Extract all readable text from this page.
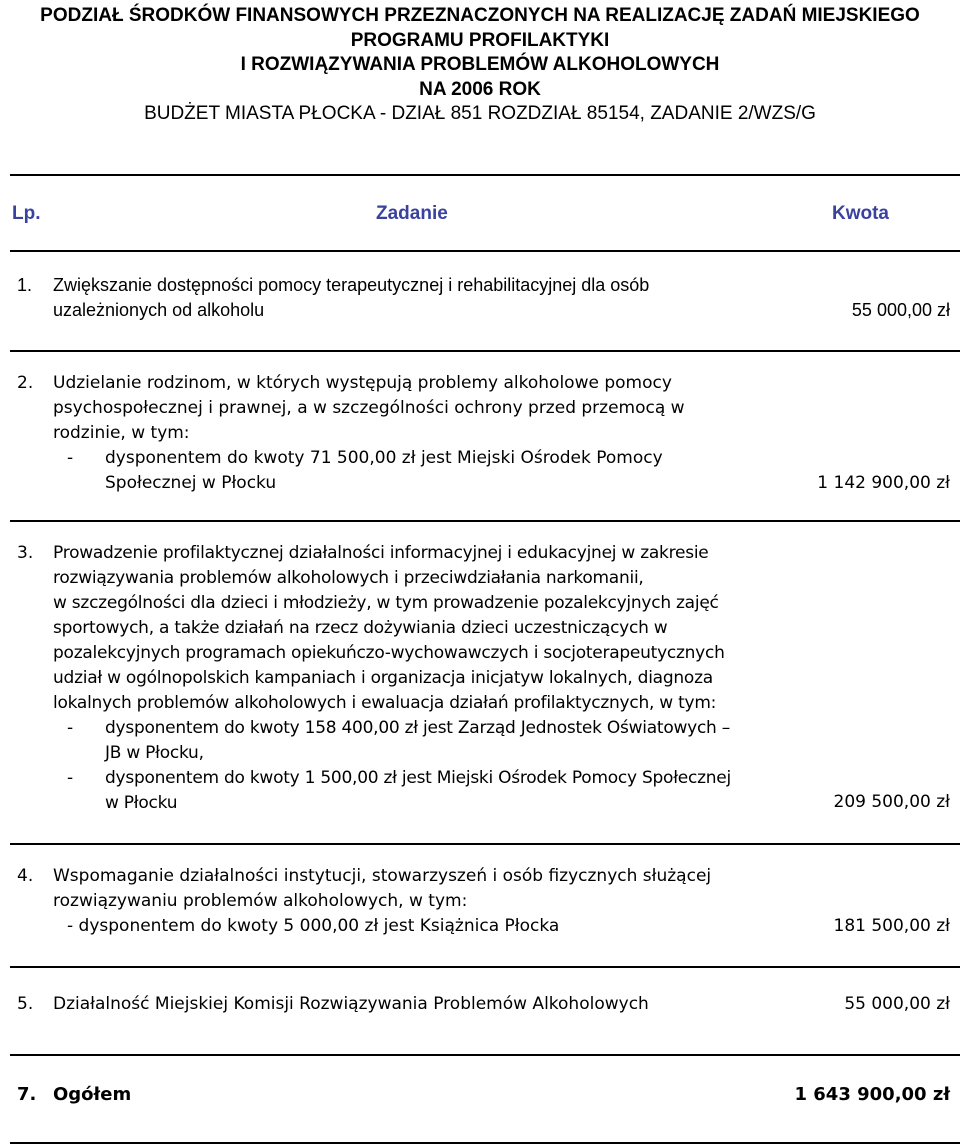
PODZIAŁ ŚRODKÓW FINANSOWYCH PRZEZNACZONYCH NA REALIZACJĘ ZADAŃ MIEJSKIEGO
PROGRAMU PROFILAKTYKI
I ROZWIĄZYWANIA PROBLEMÓW ALKOHOLOWYCH
NA 2006 ROK
BUDŻET MIASTA PŁOCKA - DZIAŁ 851 ROZDZIAŁ 85154, ZADANIE 2/WZS/G
Lp.	Zadanie	Kwota
1. Zwiększanie dostępności pomocy terapeutycznej i rehabilitacyjnej dla osób
uzależnionych od alkoholu	55 000,00 zł
2. Udzielanie rodzinom, w których występują problemy alkoholowe pomocy
psychospołecznej i prawnej, a w szczególności ochrony przed przemocą w
rodzinie, w tym:
- dysponentem do kwoty 71 500,00 zł jest Miejski Ośrodek Pomocy
Społecznej w Płocku	1 142 900,00 zł
3. Prowadzenie profilaktycznej działalności informacyjnej i edukacyjnej w zakresie
rozwiązywania problemów alkoholowych i przeciwdziałania narkomanii,
w szczególności dla dzieci i młodzieży, w tym prowadzenie pozalekcyjnych zajęć
sportowych, a także działań na rzecz dożywiania dzieci uczestniczących w
pozalekcyjnych programach opiekuńczo-wychowawczych i socjoterapeutycznych
udział w ogólnopolskich kampaniach i organizacja inicjatyw lokalnych, diagnoza
lokalnych problemów alkoholowych i ewaluacja działań profilaktycznych, w tym:
- dysponentem do kwoty 158 400,00 zł jest Zarząd Jednostek Oświatowych –
JB w Płocku,
- dysponentem do kwoty 1 500,00 zł jest Miejski Ośrodek Pomocy Społecznej
w Płocku	209 500,00 zł
4. Wspomaganie działalności instytucji, stowarzyszeń i osób fizycznych służącej
rozwiązywaniu problemów alkoholowych, w tym:
- dysponentem do kwoty 5 000,00 zł jest Książnica Płocka	181 500,00 zł
5. Działalność Miejskiej Komisji Rozwiązywania Problemów Alkoholowych	55 000,00 zł
7. Ogółem	1 643 900,00 zł
